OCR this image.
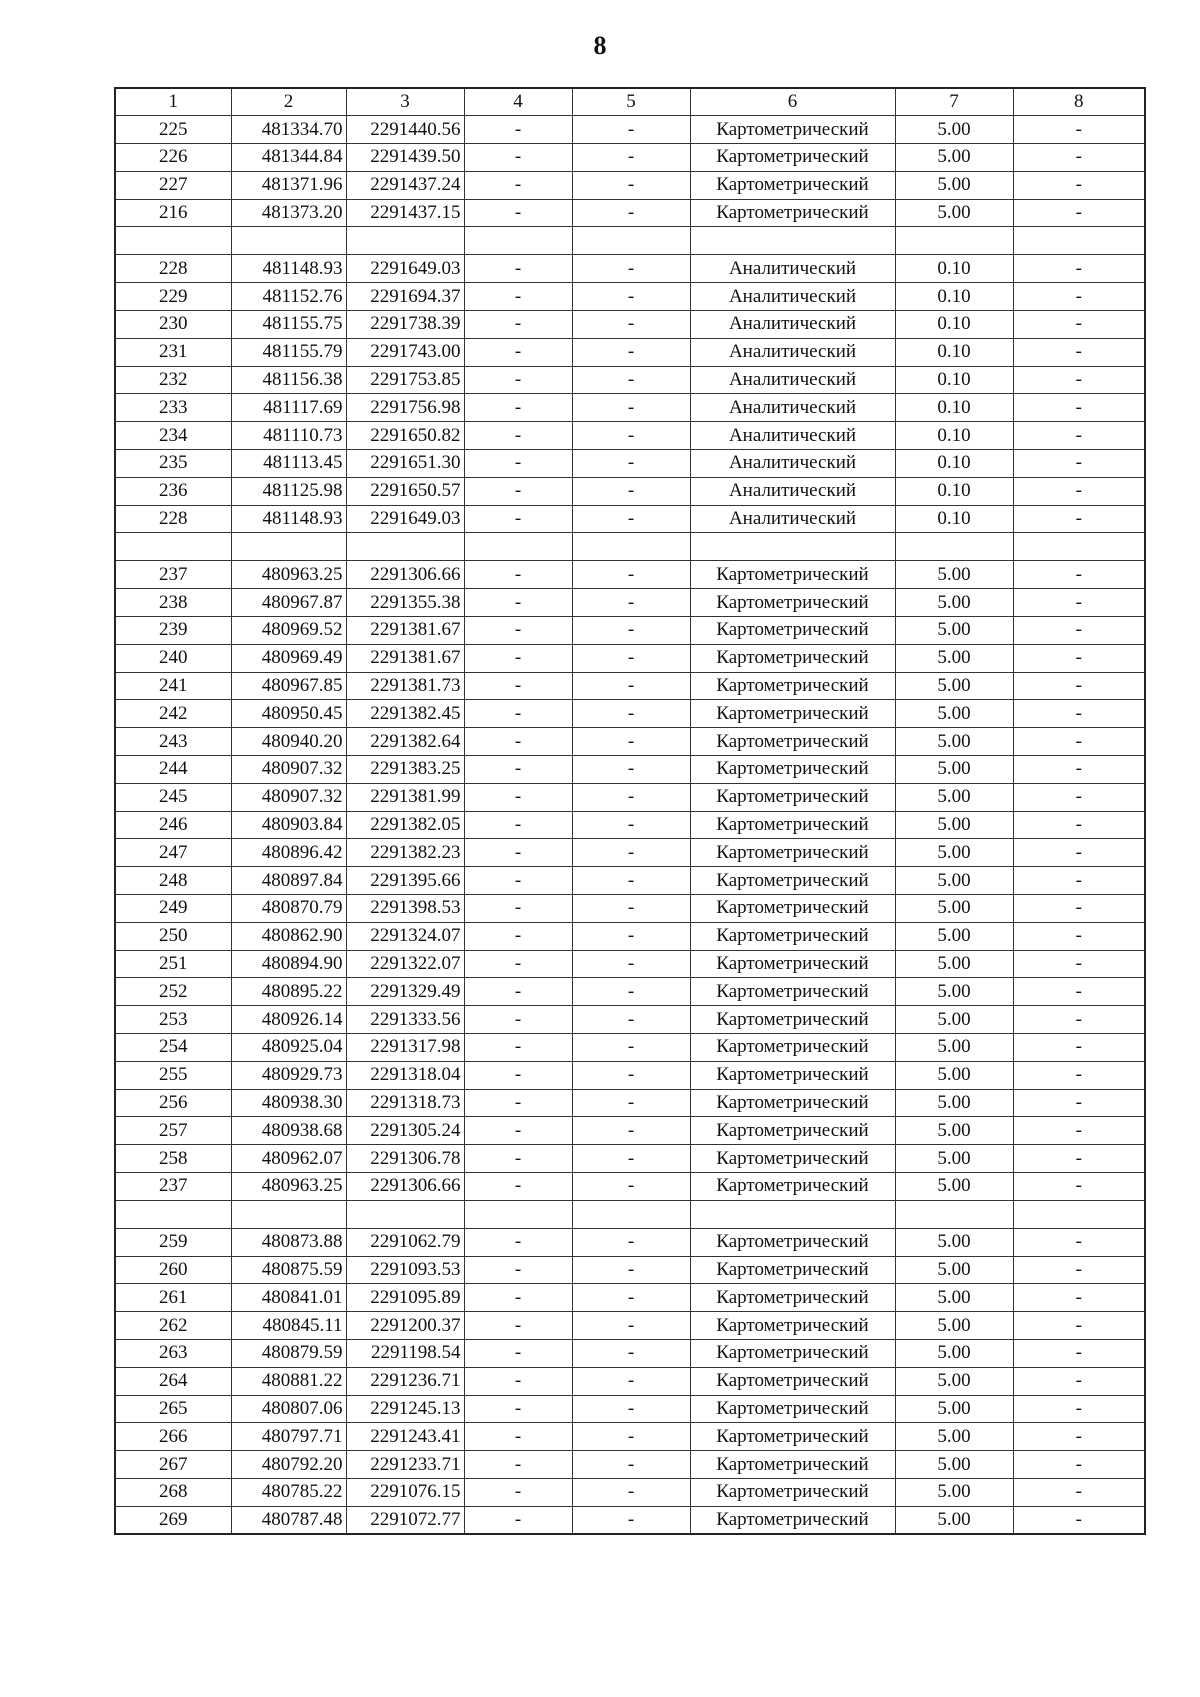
8
1	2	3	4	5	6	7	8
225	481334.70	2291440.56	-	-	Картометрический	5.00	-
226	481344.84	2291439.50	-	-	Картометрический	5.00	-
227	481371.96	2291437.24	-	-	Картометрический	5.00	-
216	481373.20	2291437.15	-	-	Картометрический	5.00	-

228	481148.93	2291649.03	-	-	Аналитический	0.10	-
229	481152.76	2291694.37	-	-	Аналитический	0.10	-
230	481155.75	2291738.39	-	-	Аналитический	0.10	-
231	481155.79	2291743.00	-	-	Аналитический	0.10	-
232	481156.38	2291753.85	-	-	Аналитический	0.10	-
233	481117.69	2291756.98	-	-	Аналитический	0.10	-
234	481110.73	2291650.82	-	-	Аналитический	0.10	-
235	481113.45	2291651.30	-	-	Аналитический	0.10	-
236	481125.98	2291650.57	-	-	Аналитический	0.10	-
228	481148.93	2291649.03	-	-	Аналитический	0.10	-

237	480963.25	2291306.66	-	-	Картометрический	5.00	-
238	480967.87	2291355.38	-	-	Картометрический	5.00	-
239	480969.52	2291381.67	-	-	Картометрический	5.00	-
240	480969.49	2291381.67	-	-	Картометрический	5.00	-
241	480967.85	2291381.73	-	-	Картометрический	5.00	-
242	480950.45	2291382.45	-	-	Картометрический	5.00	-
243	480940.20	2291382.64	-	-	Картометрический	5.00	-
244	480907.32	2291383.25	-	-	Картометрический	5.00	-
245	480907.32	2291381.99	-	-	Картометрический	5.00	-
246	480903.84	2291382.05	-	-	Картометрический	5.00	-
247	480896.42	2291382.23	-	-	Картометрический	5.00	-
248	480897.84	2291395.66	-	-	Картометрический	5.00	-
249	480870.79	2291398.53	-	-	Картометрический	5.00	-
250	480862.90	2291324.07	-	-	Картометрический	5.00	-
251	480894.90	2291322.07	-	-	Картометрический	5.00	-
252	480895.22	2291329.49	-	-	Картометрический	5.00	-
253	480926.14	2291333.56	-	-	Картометрический	5.00	-
254	480925.04	2291317.98	-	-	Картометрический	5.00	-
255	480929.73	2291318.04	-	-	Картометрический	5.00	-
256	480938.30	2291318.73	-	-	Картометрический	5.00	-
257	480938.68	2291305.24	-	-	Картометрический	5.00	-
258	480962.07	2291306.78	-	-	Картометрический	5.00	-
237	480963.25	2291306.66	-	-	Картометрический	5.00	-

259	480873.88	2291062.79	-	-	Картометрический	5.00	-
260	480875.59	2291093.53	-	-	Картометрический	5.00	-
261	480841.01	2291095.89	-	-	Картометрический	5.00	-
262	480845.11	2291200.37	-	-	Картометрический	5.00	-
263	480879.59	2291198.54	-	-	Картометрический	5.00	-
264	480881.22	2291236.71	-	-	Картометрический	5.00	-
265	480807.06	2291245.13	-	-	Картометрический	5.00	-
266	480797.71	2291243.41	-	-	Картометрический	5.00	-
267	480792.20	2291233.71	-	-	Картометрический	5.00	-
268	480785.22	2291076.15	-	-	Картометрический	5.00	-
269	480787.48	2291072.77	-	-	Картометрический	5.00	-
